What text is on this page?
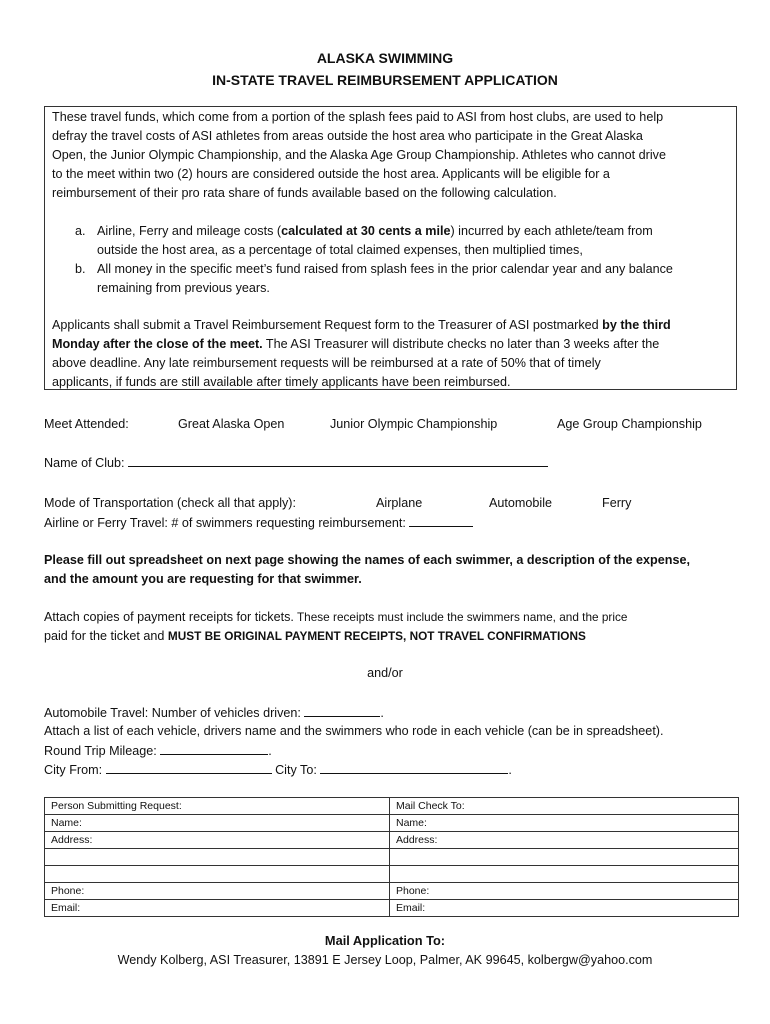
ALASKA SWIMMING
IN-STATE TRAVEL REIMBURSEMENT APPLICATION
These travel funds, which come from a portion of the splash fees paid to ASI from host clubs, are used to help
defray the travel costs of ASI athletes from areas outside the host area who participate in the Great Alaska
Open, the Junior Olympic Championship, and the Alaska Age Group Championship. Athletes who cannot drive
to the meet within two (2) hours are considered outside the host area. Applicants will be eligible for a
reimbursement of their pro rata share of funds available based on the following calculation.
a. Airline, Ferry and mileage costs (calculated at 30 cents a mile) incurred by each athlete/team from
outside the host area, as a percentage of total claimed expenses, then multiplied times,
b. All money in the specific meet’s fund raised from splash fees in the prior calendar year and any balance
remaining from previous years.
Applicants shall submit a Travel Reimbursement Request form to the Treasurer of ASI postmarked by the third
Monday after the close of the meet. The ASI Treasurer will distribute checks no later than 3 weeks after the
above deadline. Any late reimbursement requests will be reimbursed at a rate of 50% that of timely
applicants, if funds are still available after timely applicants have been reimbursed.
Meet Attended:	Great Alaska Open	Junior Olympic Championship	Age Group Championship
Name of Club:
Mode of Transportation (check all that apply):	Airplane	Automobile	Ferry
Airline or Ferry Travel: # of swimmers requesting reimbursement:
Please fill out spreadsheet on next page showing the names of each swimmer, a description of the expense,
and the amount you are requesting for that swimmer.
Attach copies of payment receipts for tickets. These receipts must include the swimmers name, and the price
paid for the ticket and MUST BE ORIGINAL PAYMENT RECEIPTS, NOT TRAVEL CONFIRMATIONS
and/or
Automobile Travel: Number of vehicles driven:	.
Attach a list of each vehicle, drivers name and the swimmers who rode in each vehicle (can be in spreadsheet).
Round Trip Mileage:	.
City From:	City To:	.
Person Submitting Request:	Mail Check To:
Name:	Name:
Address:	Address:

Phone:	Phone:
Email:	Email:
Mail Application To:
Wendy Kolberg, ASI Treasurer, 13891 E Jersey Loop, Palmer, AK 99645, kolbergw@yahoo.com
